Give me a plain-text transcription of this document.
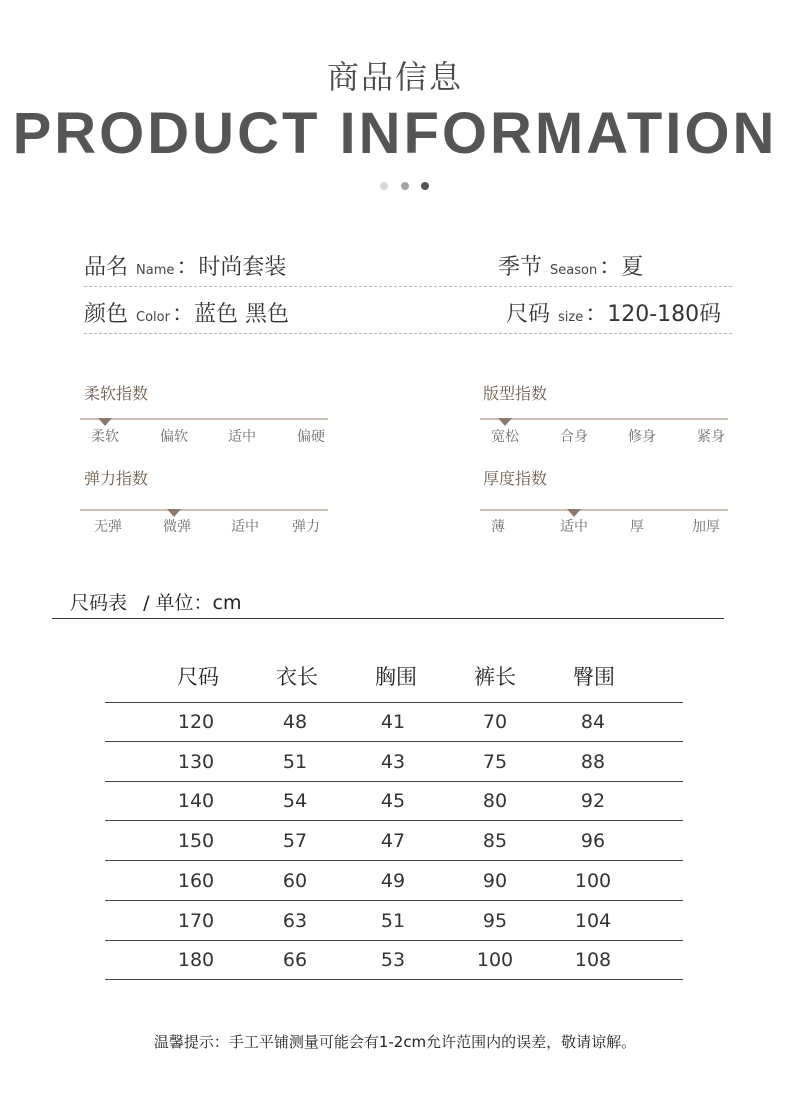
商品信息
PRODUCT INFORMATION
品名 Name：时尚套装	季节 Season：夏
颜色 Color：蓝色 黑色	尺码 size：120-180码
柔软指数
柔软	偏软	适中	偏硬
版型指数
宽松	合身	修身	紧身
弹力指数
无弹	微弹	适中	弹力
厚度指数
薄	适中	厚	加厚
尺码表 / 单位：cm
尺码	衣长	胸围	裤长	臀围
120	48	41	70	84
130	51	43	75	88
140	54	45	80	92
150	57	47	85	96
160	60	49	90	100
170	63	51	95	104
180	66	53	100	108
温馨提示：手工平铺测量可能会有1-2cm允许范围内的误差，敬请谅解。
